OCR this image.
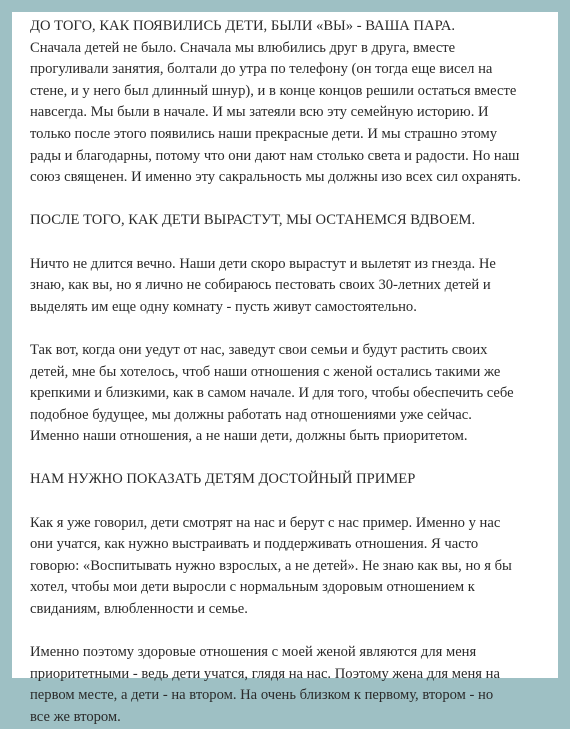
ДО ТОГО, КАК ПОЯВИЛИСЬ ДЕТИ, БЫЛИ «ВЫ» - ВАША ПАРА.

Сначала детей не было. Сначала мы влюбились друг в друга, вместе
прогуливали занятия, болтали до утра по телефону (он тогда еще висел на
стене, и у него был длинный шнур), и в конце концов решили остаться вместе
навсегда. Мы были в начале. И мы затеяли всю эту семейную историю. И
только после этого появились наши прекрасные дети. И мы страшно этому
рады и благодарны, потому что они дают нам столько света и радости. Но наш
союз священен. И именно эту сакральность мы должны изо всех сил охранять.

ПОСЛЕ ТОГО, КАК ДЕТИ ВЫРАСТУТ, МЫ ОСТАНЕМСЯ ВДВОЕМ.

Ничто не длится вечно. Наши дети скоро вырастут и вылетят из гнезда. Не
знаю, как вы, но я лично не собираюсь пестовать своих 30-летних детей и
выделять им еще одну комнату - пусть живут самостоятельно.

Так вот, когда они уедут от нас, заведут свои семьи и будут растить своих
детей, мне бы хотелось, чтоб наши отношения с женой остались такими же
крепкими и близкими, как в самом начале. И для того, чтобы обеспечить себе
подобное будущее, мы должны работать над отношениями уже сейчас.
Именно наши отношения, а не наши дети, должны быть приоритетом.

НАМ НУЖНО ПОКАЗАТЬ ДЕТЯМ ДОСТОЙНЫЙ ПРИМЕР

Как я уже говорил, дети смотрят на нас и берут с нас пример. Именно у нас
они учатся, как нужно выстраивать и поддерживать отношения. Я часто
говорю: «Воспитывать нужно взрослых, а не детей». Не знаю как вы, но я бы
хотел, чтобы мои дети выросли с нормальным здоровым отношением к
свиданиям, влюбленности и семье.

Именно поэтому здоровые отношения с моей женой являются для меня
приоритетными - ведь дети учатся, глядя на нас. Поэтому жена для меня на
первом месте, а дети - на втором. На очень близком к первому, втором - но
все же втором.
